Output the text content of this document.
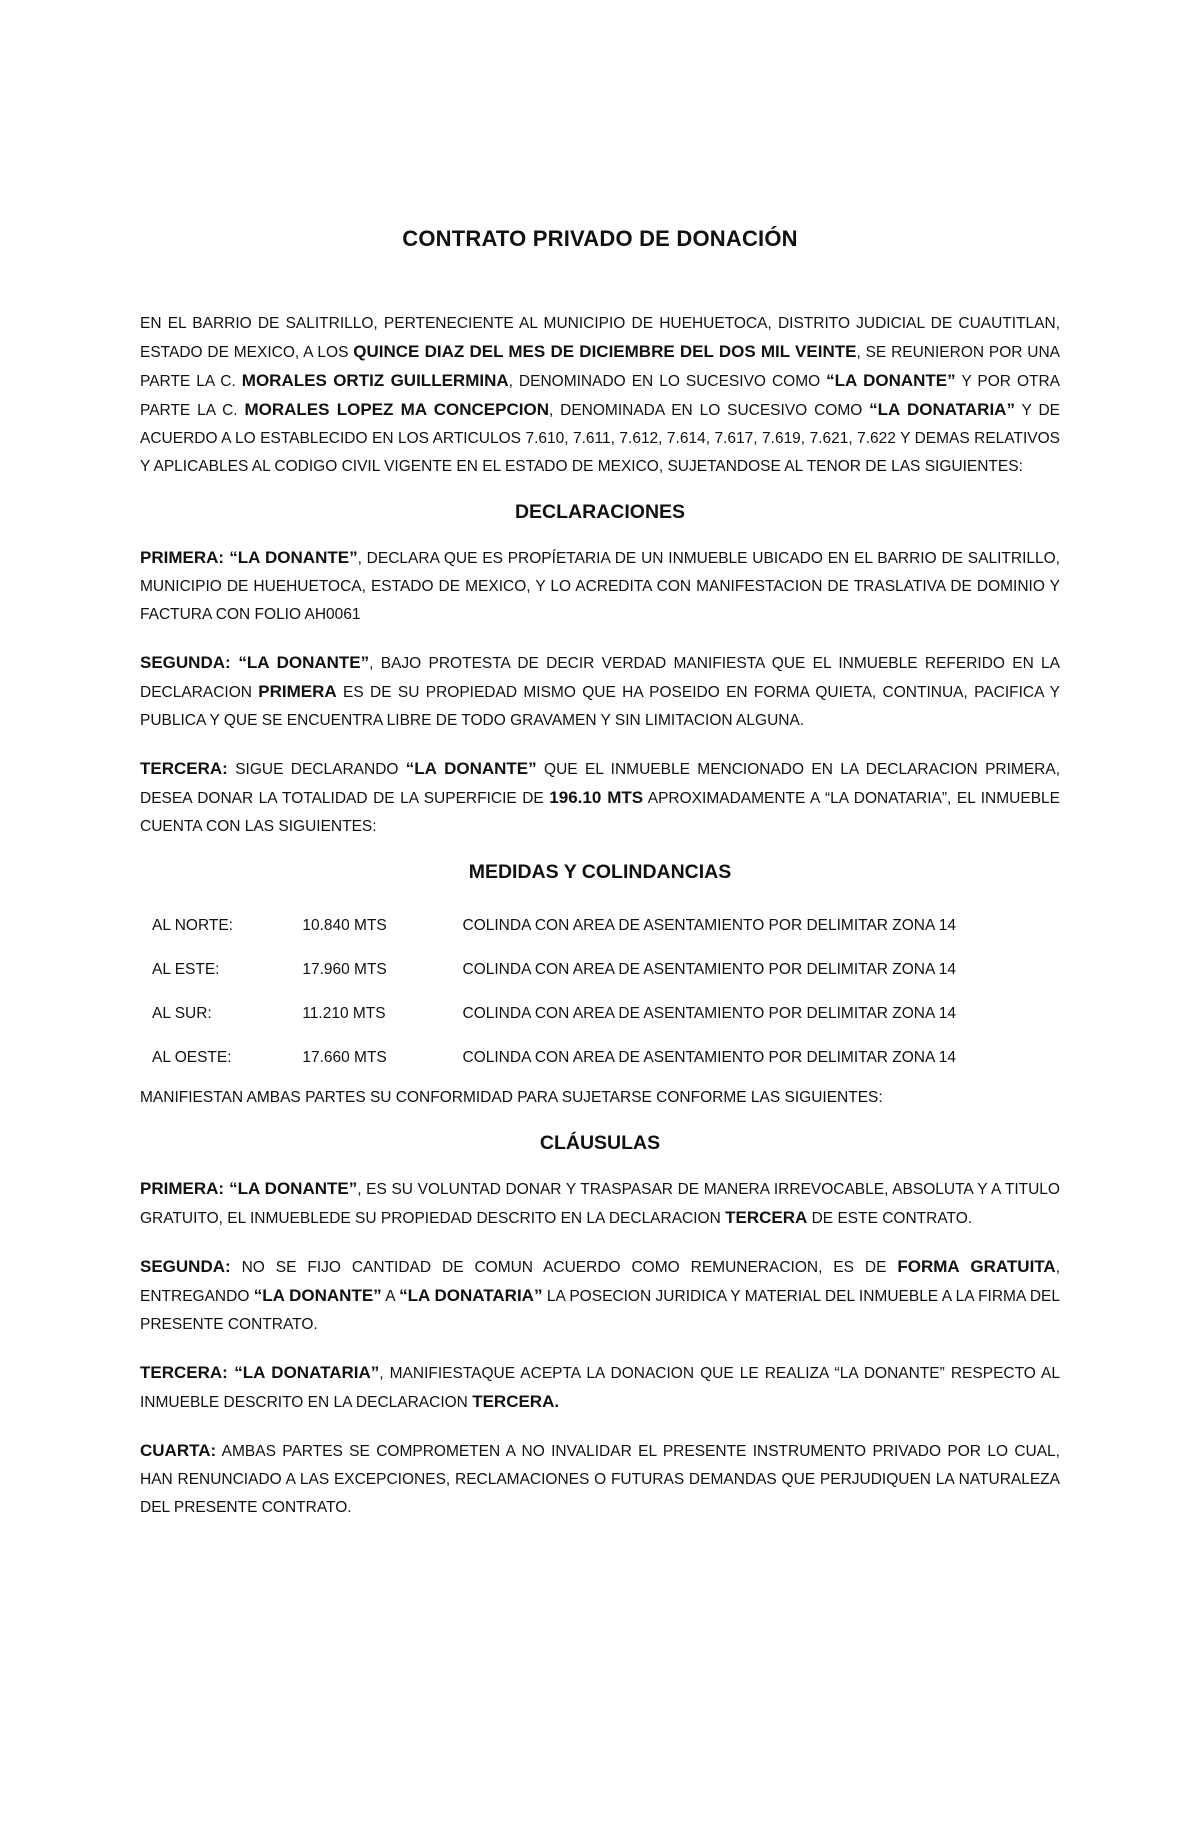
CONTRATO PRIVADO DE DONACIÓN

EN EL BARRIO DE SALITRILLO, PERTENECIENTE AL MUNICIPIO DE HUEHUETOCA, DISTRITO JUDICIAL DE CUAUTITLAN, ESTADO DE MEXICO, A LOS QUINCE DIAZ DEL MES DE DICIEMBRE DEL DOS MIL VEINTE, SE REUNIERON POR UNA PARTE LA C. MORALES ORTIZ GUILLERMINA, DENOMINADO EN LO SUCESIVO COMO “LA DONANTE” Y POR OTRA PARTE LA C. MORALES LOPEZ MA CONCEPCION, DENOMINADA EN LO SUCESIVO COMO “LA DONATARIA” Y DE ACUERDO A LO ESTABLECIDO EN LOS ARTICULOS 7.610, 7.611, 7.612, 7.614, 7.617, 7.619, 7.621, 7.622 Y DEMAS RELATIVOS Y APLICABLES AL CODIGO CIVIL VIGENTE EN EL ESTADO DE MEXICO, SUJETANDOSE AL TENOR DE LAS SIGUIENTES:

DECLARACIONES

PRIMERA: “LA DONANTE”, DECLARA QUE ES PROPÍETARIA DE UN INMUEBLE UBICADO EN EL BARRIO DE SALITRILLO, MUNICIPIO DE HUEHUETOCA, ESTADO DE MEXICO, Y LO ACREDITA CON MANIFESTACION DE TRASLATIVA DE DOMINIO Y FACTURA CON FOLIO AH0061

SEGUNDA: “LA DONANTE”, BAJO PROTESTA DE DECIR VERDAD MANIFIESTA QUE EL INMUEBLE REFERIDO EN LA DECLARACION PRIMERA ES DE SU PROPIEDAD MISMO QUE HA POSEIDO EN FORMA QUIETA, CONTINUA, PACIFICA Y PUBLICA Y QUE SE ENCUENTRA LIBRE DE TODO GRAVAMEN Y SIN LIMITACION ALGUNA.

TERCERA: SIGUE DECLARANDO “LA DONANTE” QUE EL INMUEBLE MENCIONADO EN LA DECLARACION PRIMERA, DESEA DONAR LA TOTALIDAD DE LA SUPERFICIE DE 196.10 MTS APROXIMADAMENTE A “LA DONATARIA”, EL INMUEBLE CUENTA CON LAS SIGUIENTES:

MEDIDAS Y COLINDANCIAS
AL NORTE:	10.840 MTS	COLINDA CON AREA DE ASENTAMIENTO POR DELIMITAR ZONA 14
AL ESTE:	17.960 MTS	COLINDA CON AREA DE ASENTAMIENTO POR DELIMITAR ZONA 14
AL SUR:	11.210 MTS	COLINDA CON AREA DE ASENTAMIENTO POR DELIMITAR ZONA 14
AL OESTE:	17.660 MTS	COLINDA CON AREA DE ASENTAMIENTO POR DELIMITAR ZONA 14

MANIFIESTAN AMBAS PARTES SU CONFORMIDAD PARA SUJETARSE CONFORME LAS SIGUIENTES:

CLÁUSULAS

PRIMERA: “LA DONANTE”, ES SU VOLUNTAD DONAR Y TRASPASAR DE MANERA IRREVOCABLE, ABSOLUTA Y A TITULO GRATUITO, EL INMUEBLEDE SU PROPIEDAD DESCRITO EN LA DECLARACION TERCERA DE ESTE CONTRATO.

SEGUNDA: NO SE FIJO CANTIDAD DE COMUN ACUERDO COMO REMUNERACION, ES DE FORMA GRATUITA, ENTREGANDO “LA DONANTE” A “LA DONATARIA” LA POSECION JURIDICA Y MATERIAL DEL INMUEBLE A LA FIRMA DEL PRESENTE CONTRATO.

TERCERA: “LA DONATARIA”, MANIFIESTAQUE ACEPTA LA DONACION QUE LE REALIZA “LA DONANTE” RESPECTO AL INMUEBLE DESCRITO EN LA DECLARACION TERCERA.

CUARTA: AMBAS PARTES SE COMPROMETEN A NO INVALIDAR EL PRESENTE INSTRUMENTO PRIVADO POR LO CUAL, HAN RENUNCIADO A LAS EXCEPCIONES, RECLAMACIONES O FUTURAS DEMANDAS QUE PERJUDIQUEN LA NATURALEZA DEL PRESENTE CONTRATO.
